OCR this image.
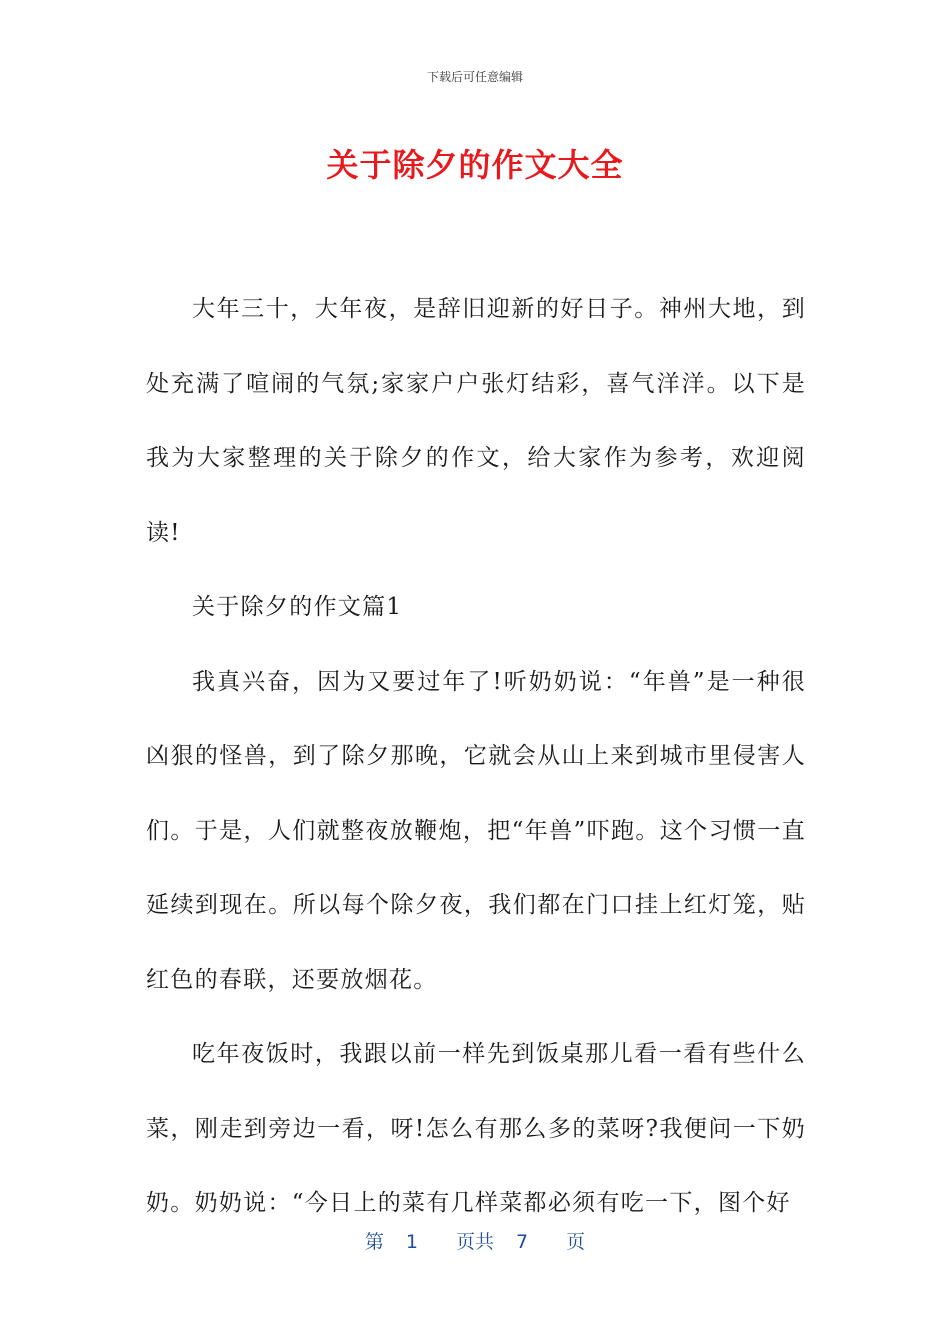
下载后可任意编辑
关于除夕的作文大全

大年三十，大年夜，是辞旧迎新的好日子。神州大地，到处充满了喧闹的气氛;家家户户张灯结彩，喜气洋洋。以下是我为大家整理的关于除夕的作文，给大家作为参考，欢迎阅读!

关于除夕的作文篇1

我真兴奋，因为又要过年了!听奶奶说：“年兽”是一种很凶狠的怪兽，到了除夕那晚，它就会从山上来到城市里侵害人们。于是，人们就整夜放鞭炮，把“年兽”吓跑。这个习惯一直延续到现在。所以每个除夕夜，我们都在门口挂上红灯笼，贴红色的春联，还要放烟花。

吃年夜饭时，我跟以前一样先到饭桌那儿看一看有些什么菜，刚走到旁边一看，呀!怎么有那么多的菜呀?我便问一下奶奶。奶奶说：“今日上的菜有几样菜都必须有吃一下，图个好

第 1 页共 7 页
